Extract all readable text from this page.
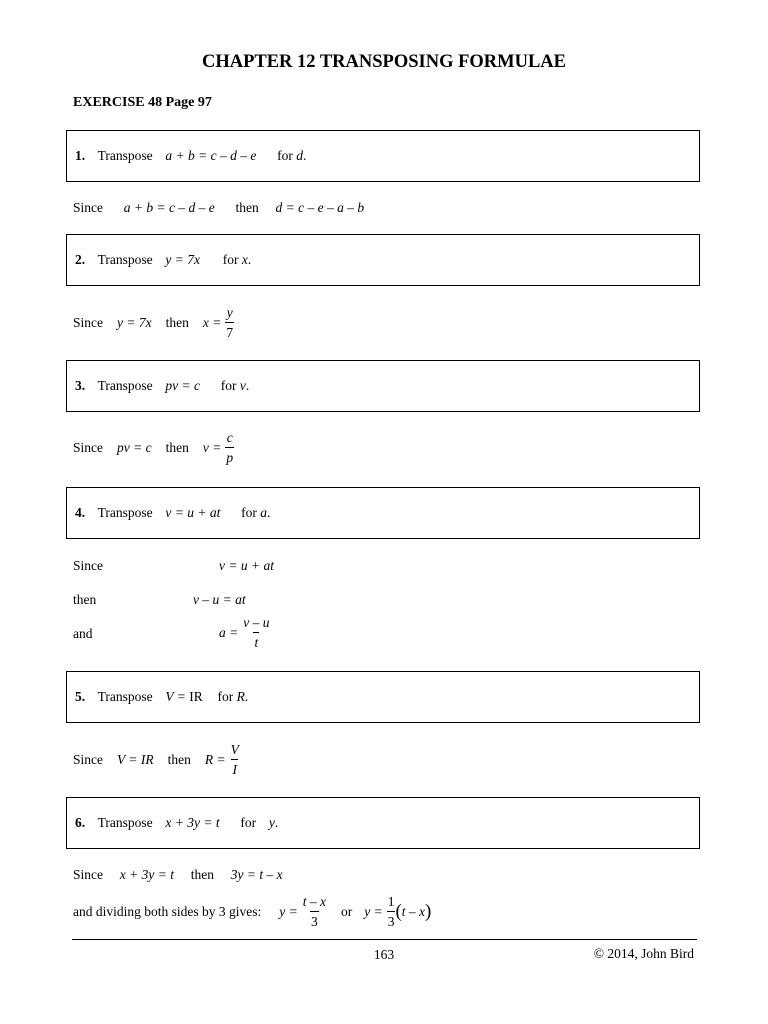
CHAPTER 12 TRANSPOSING FORMULAE
EXERCISE 48 Page 97
1. Transpose a + b = c – d – e for d.
Since a + b = c – d – e then d = c – e – a – b
2. Transpose y = 7x for x.
Since y = 7x then $x = \frac{y}{7}$
3. Transpose pv = c for v.
Since pv = c then $v = \frac{c}{p}$
4. Transpose v = u + at for a.
Since	v = u + at
then	v – u = at
and	$a = \frac{v - u}{t}$
5. Transpose V = IR for R.
Since V = IR then $R = \frac{V}{I}$
6. Transpose x + 3y = t for y.
Since x + 3y = t then 3y = t – x
and dividing both sides by 3 gives: $y = \frac{t - x}{3}$ or $y = \frac{1}{3}$ ( t – x )
163	© 2014, John Bird
